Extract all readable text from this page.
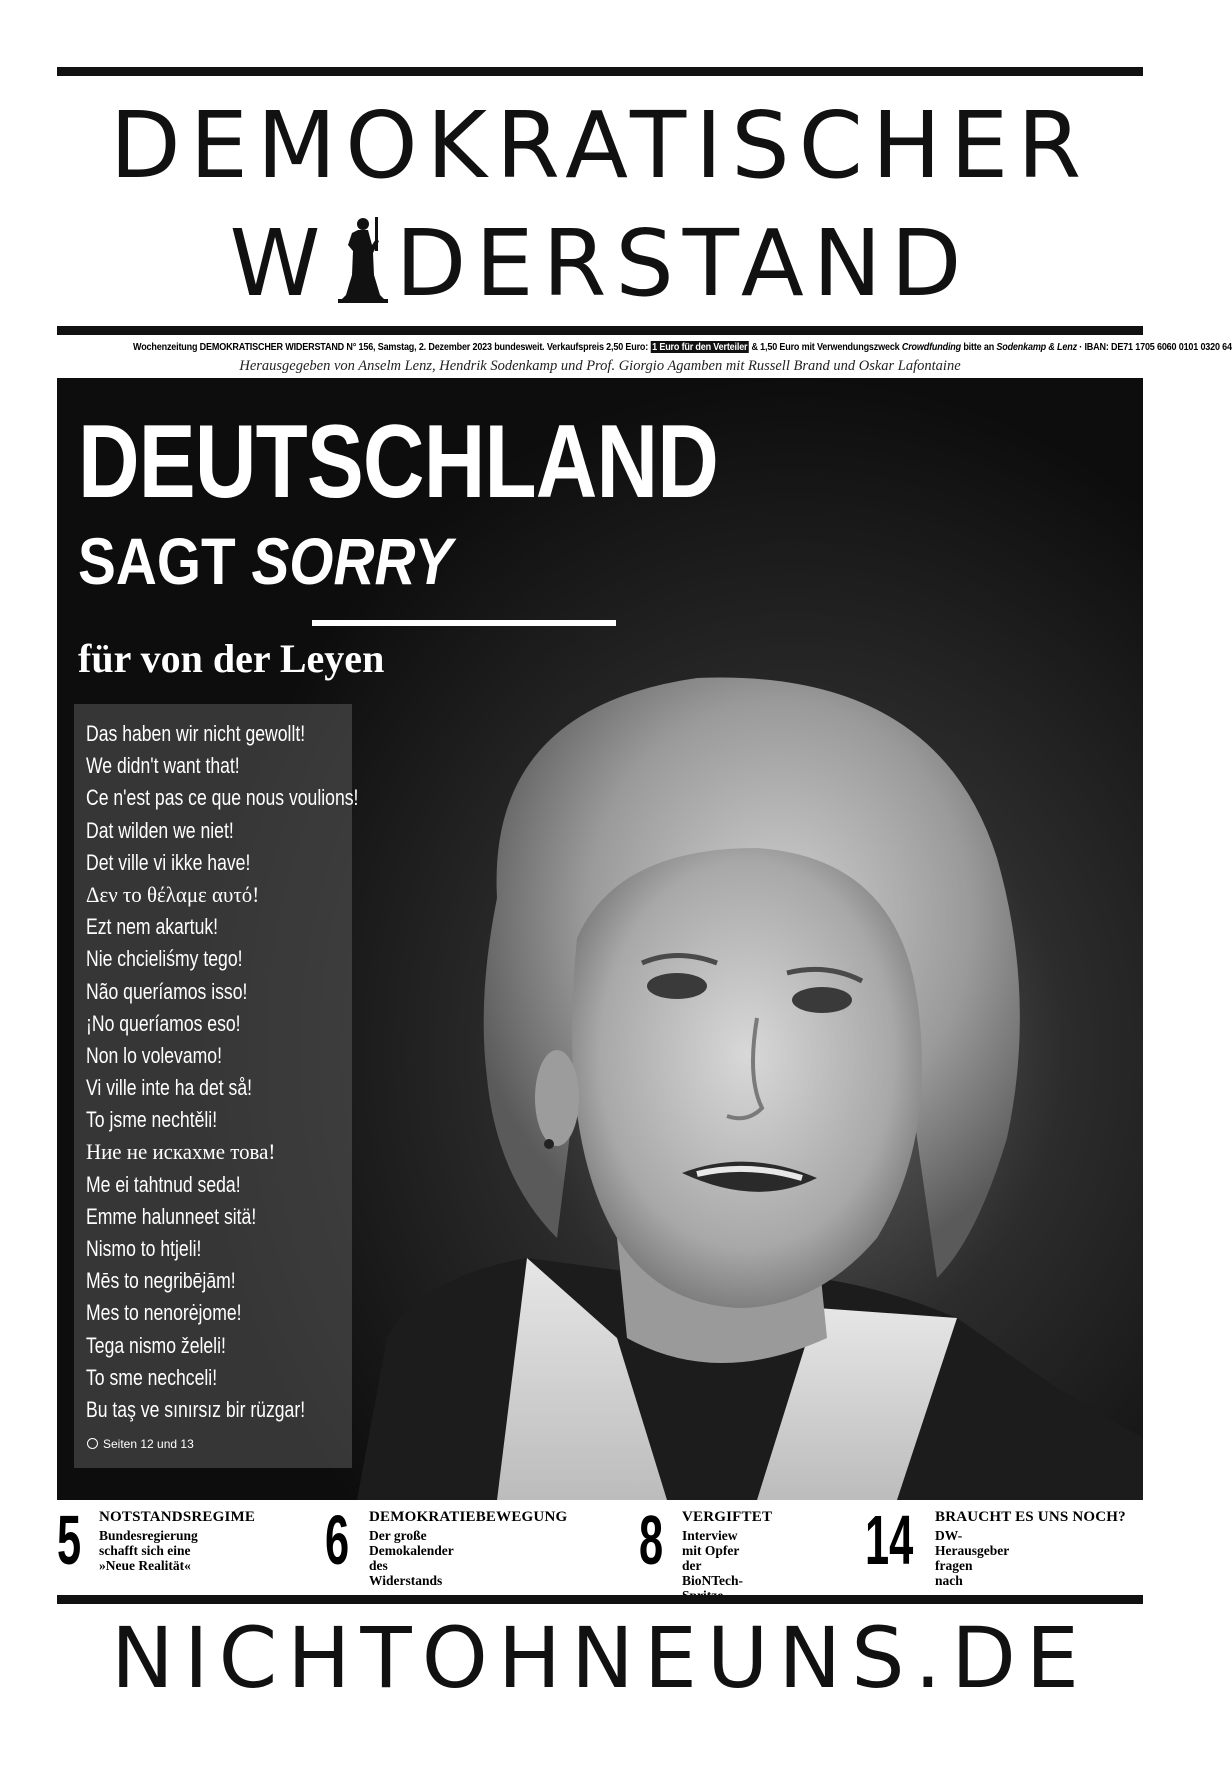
DEMOKRATISCHER
W DERSTAND
Wochenzeitung DEMOKRATISCHER WIDERSTAND N° 156, Samstag, 2. Dezember 2023 bundesweit. Verkaufspreis 2,50 Euro: 1 Euro für den Verteiler & 1,50 Euro mit Verwendungszweck Crowdfunding bitte an Sodenkamp & Lenz · IBAN: DE71 1705 6060 0101 0320 64
Herausgegeben von Anselm Lenz, Hendrik Sodenkamp und Prof. Giorgio Agamben mit Russell Brand und Oskar Lafontaine
DEUTSCHLAND
SAGT SORRY
für von der Leyen
Das haben wir nicht gewollt!
We didn't want that!
Ce n'est pas ce que nous voulions!
Dat wilden we niet!
Det ville vi ikke have!
Δεν το θέλαμε αυτό!
Ezt nem akartuk!
Nie chcieliśmy tego!
Não queríamos isso!
¡No queríamos eso!
Non lo volevamo!
Vi ville inte ha det så!
To jsme nechtěli!
Ние не искахме това!
Me ei tahtnud seda!
Emme halunneet sitä!
Nismo to htjeli!
Mēs to negribējām!
Mes to nenorėjome!
Tega nismo želeli!
To sme nechceli!
Bu taş ve sınırsız bir rüzgar!
Seiten 12 und 13
5 NOTSTANDSREGIME
Bundesregierung
schafft sich eine
»Neue Realität« 6 DEMOKRATIEBEWEGUNG
Der große
Demokalender
des Widerstands
8 VERGIFTET
Interview
mit Opfer der
BioNTech-
14 BRAUCHT ES UNS NOCH?
DW-Herausgeber
fragen
nach
NICHTOHNEUNS.DE
